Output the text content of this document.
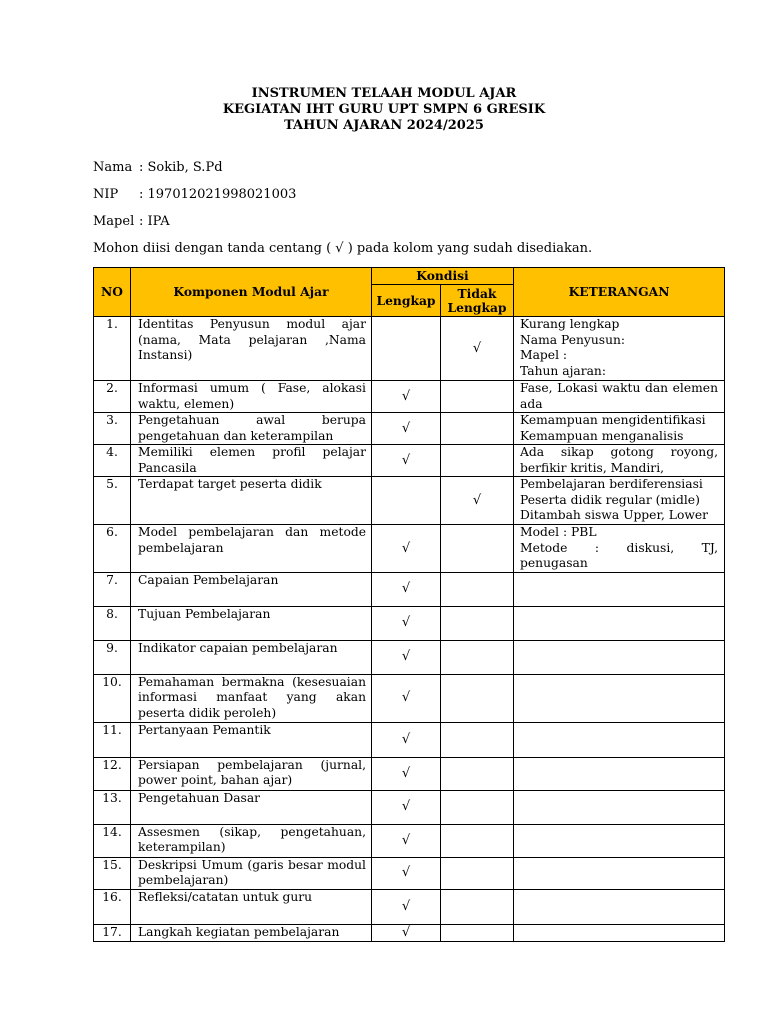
INSTRUMEN TELAAH MODUL AJAR
KEGIATAN IHT GURU UPT SMPN 6 GRESIK
TAHUN AJARAN 2024/2025
Nama : Sokib, S.Pd
NIP : 197012021998021003
Mapel : IPA
Mohon diisi dengan tanda centang ( √ ) pada kolom yang sudah disediakan.
NO	Komponen Modul Ajar	Kondisi		KETERANGAN
		Lengkap	Tidak Lengkap	
1.	Identitas Penyusun modul ajar (nama, Mata pelajaran ,Nama Instansi)		√	Kurang lengkap
Nama Penyusun:
Mapel :
Tahun ajaran:

2.	Informasi umum ( Fase, alokasi waktu, elemen)	√		Fase, Lokasi waktu dan elemen ada

3.	Pengetahuan awal berupa pengetahuan dan keterampilan	√		Kemampuan mengidentifikasi
Kemampuan menganalisis

4.	Memiliki elemen profil pelajar Pancasila	√		Ada sikap gotong royong, berfikir kritis, Mandiri,

5.	Terdapat target peserta didik		√	Pembelajaran berdiferensiasi
Peserta didik regular (midle)
Ditambah siswa Upper, Lower

6.	Model pembelajaran dan metode pembelajaran	√		Model : PBL
Metode : diskusi, TJ, penugasan

7.	Capaian Pembelajaran	√		
8.	Tujuan Pembelajaran	√		
9.	Indikator capaian pembelajaran	√		
10.	Pemahaman bermakna (kesesuaian informasi manfaat yang akan peserta didik peroleh)	√		
11.	Pertanyaan Pemantik	√		
12.	Persiapan pembelajaran (jurnal, power point, bahan ajar)	√		
13.	Pengetahuan Dasar	√		
14.	Assesmen (sikap, pengetahuan, keterampilan)	√		
15.	Deskripsi Umum (garis besar modul pembelajaran)	√		
16.	Refleksi/catatan untuk guru	√		
17.	Langkah kegiatan pembelajaran	√		
